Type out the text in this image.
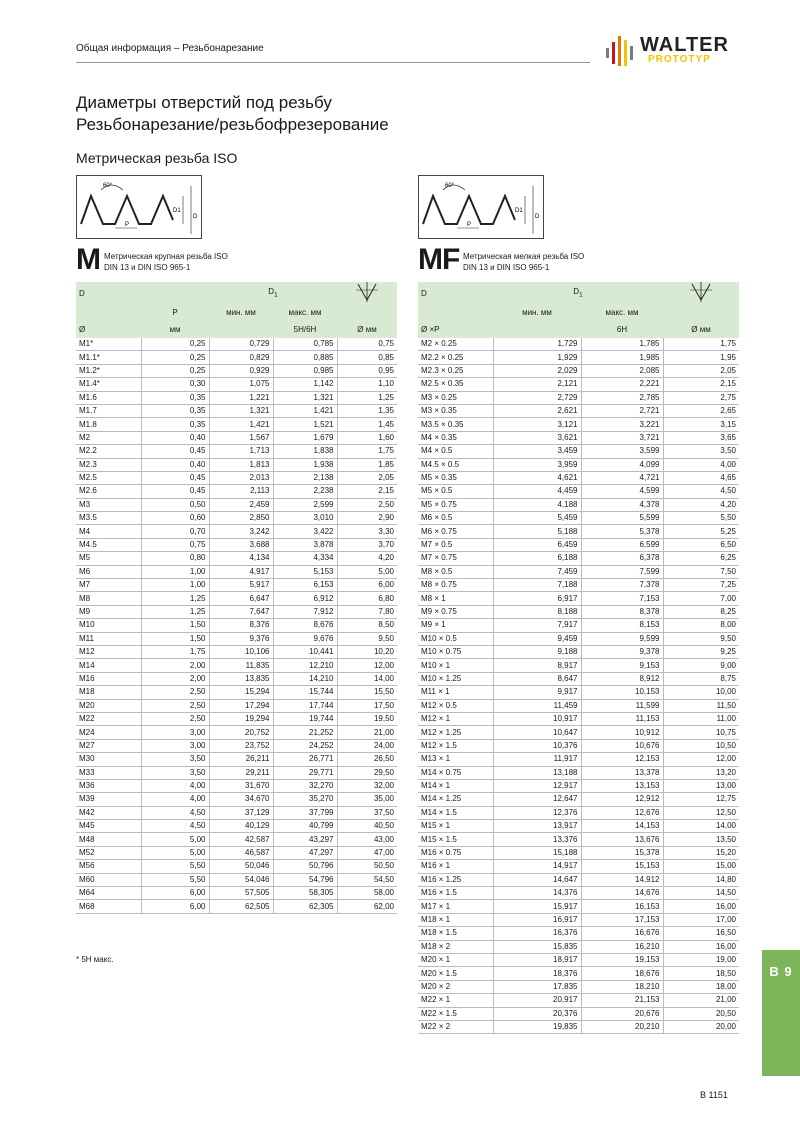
Общая информация – Резьбонарезание	WALTER
PROTOTYP
Диаметры отверстий под резьбу
Резьбонарезание/резьбофрезерование
Метрическая резьба ISO
60°
P
D1
D
M Метрическая крупная резьба ISO
DIN 13 и DIN ISO 965-1
60°
P
D1
D
MF Метрическая мелкая резьба ISO
DIN 13 и DIN ISO 965-1
D		$D_1$	
	P	мин. мм	макс. мм	
Ø	мм		5H/6H	Ø мм
M1*	0,25	0,729	0,785	0,75
M1.1*	0,25	0,829	0,885	0,85
M1.2*	0,25	0,929	0,985	0,95
M1.4*	0,30	1,075	1,142	1,10
M1.6	0,35	1,221	1,321	1,25
M1.7	0,35	1,321	1,421	1,35
M1.8	0,35	1,421	1,521	1,45
M2	0,40	1,567	1,679	1,60
M2.2	0,45	1,713	1,838	1,75
M2.3	0,40	1,813	1,938	1,85
M2.5	0,45	2,013	2,138	2,05
M2.6	0,45	2,113	2,238	2,15
M3	0,50	2,459	2,599	2,50
M3.5	0,60	2,850	3,010	2,90
M4	0,70	3,242	3,422	3,30
M4.5	0,75	3,688	3,878	3,70
M5	0,80	4,134	4,334	4,20
M6	1,00	4,917	5,153	5,00
M7	1,00	5,917	6,153	6,00
M8	1,25	6,647	6,912	6,80
M9	1,25	7,647	7,912	7,80
M10	1,50	8,376	8,676	8,50
M11	1,50	9,376	9,676	9,50
M12	1,75	10,106	10,441	10,20
M14	2,00	11,835	12,210	12,00
M16	2,00	13,835	14,210	14,00
M18	2,50	15,294	15,744	15,50
M20	2,50	17,294	17,744	17,50
M22	2,50	19,294	19,744	19,50
M24	3,00	20,752	21,252	21,00
M27	3,00	23,752	24,252	24,00
M30	3,50	26,211	26,771	26,50
M33	3,50	29,211	29,771	29,50
M36	4,00	31,670	32,270	32,00
M39	4,00	34,670	35,270	35,00
M42	4,50	37,129	37,799	37,50
M45	4,50	40,129	40,799	40,50
M48	5,00	42,587	43,297	43,00
M52	5,00	46,587	47,297	47,00
M56	5,50	50,046	50,796	50,50
M60	5,50	54,046	54,796	54,50
M64	6,00	57,505	58,305	58,00
M68	6,00	62,505	62,305	62,00
D	$D_1$	
	мин. мм	макс. мм	
Ø ×P		6H	Ø мм
M2 × 0.25	1,729	1,785	1,75
M2.2 × 0.25	1,929	1,985	1,95
M2.3 × 0.25	2,029	2,085	2,05
M2.5 × 0.35	2,121	2,221	2,15
M3 × 0.25	2,729	2,785	2,75
M3 × 0.35	2,621	2,721	2,65
M3.5 × 0.35	3,121	3,221	3,15
M4 × 0.35	3,621	3,721	3,65
M4 × 0.5	3,459	3,599	3,50
M4.5 × 0.5	3,959	4,099	4,00
M5 × 0.35	4,621	4,721	4,65
M5 × 0.5	4,459	4,599	4,50
M5 × 0.75	4,188	4,378	4,20
M6 × 0.5	5,459	5,599	5,50
M6 × 0.75	5,188	5,378	5,25
M7 × 0.5	6,459	6,599	6,50
M7 × 0.75	6,188	6,378	6,25
M8 × 0.5	7,459	7,599	7,50
M8 × 0.75	7,188	7,378	7,25
M8 × 1	6,917	7,153	7,00
M9 × 0.75	8,188	8,378	8,25
M9 × 1	7,917	8,153	8,00
M10 × 0.5	9,459	9,599	9,50
M10 × 0.75	9,188	9,378	9,25
M10 × 1	8,917	9,153	9,00
M10 × 1.25	8,647	8,912	8,75
M11 × 1	9,917	10,153	10,00
M12 × 0.5	11,459	11,599	11,50
M12 × 1	10,917	11,153	11,00
M12 × 1.25	10,647	10,912	10,75
M12 × 1.5	10,376	10,676	10,50
M13 × 1	11,917	12,153	12,00
M14 × 0.75	13,188	13,378	13,20
M14 × 1	12,917	13,153	13,00
M14 × 1.25	12,647	12,912	12,75
M14 × 1.5	12,376	12,676	12,50
M15 × 1	13,917	14,153	14,00
M15 × 1.5	13,376	13,676	13,50
M16 × 0.75	15,188	15,378	15,20
M16 × 1	14,917	15,153	15,00
M16 × 1.25	14,647	14,912	14,80
M16 × 1.5	14,376	14,676	14,50
M17 × 1	15,917	16,153	16,00
M18 × 1	16,917	17,153	17,00
M18 × 1.5	16,376	16,676	16,50
M18 × 2	15,835	16,210	16,00
M20 × 1	18,917	19,153	19,00
M20 × 1.5	18,376	18,676	18,50
M20 × 2	17,835	18,210	18,00
M22 × 1	20,917	21,153	21,00
M22 × 1.5	20,376	20,676	20,50
M22 × 2	19,835	20,210	20,00
* 5H макс.
B 9
B 1151
